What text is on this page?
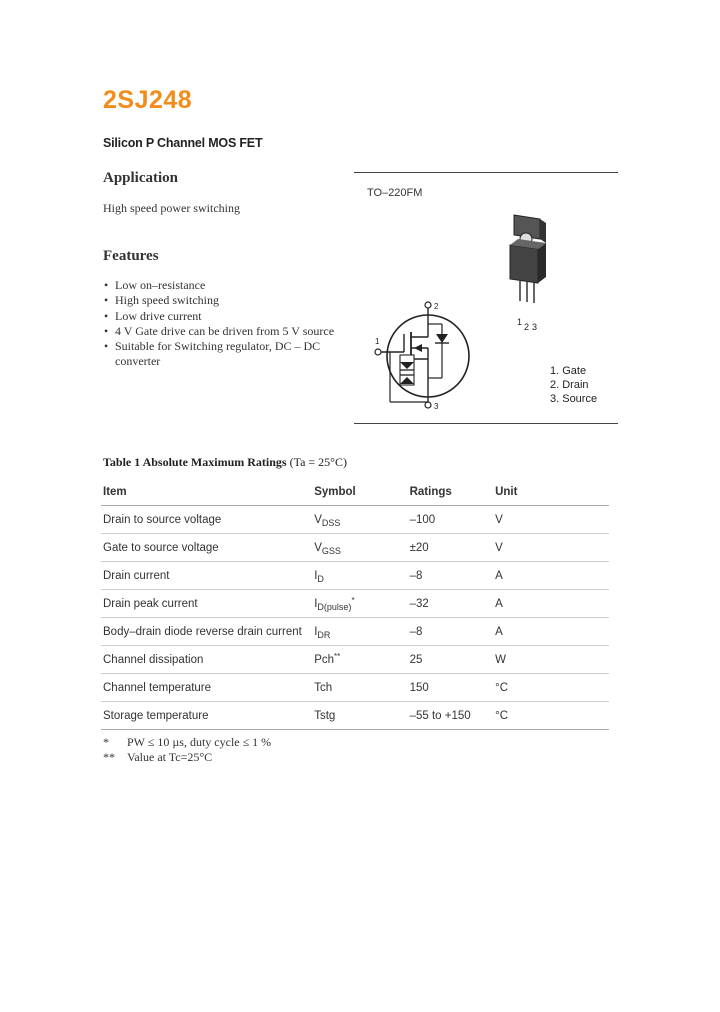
2SJ248
Silicon P Channel MOS FET
Application
High speed power switching
Features
• Low on–resistance
• High speed switching
• Low drive current
• 4 V Gate drive can be driven from 5 V source
• Suitable for Switching regulator, DC – DC converter
TO–220FM
2
1
3
1 2 3
1. Gate
2. Drain
3. Source
Table 1 Absolute Maximum Ratings (Ta = 25°C)
Item	Symbol	Ratings	Unit
Drain to source voltage	$V_{DSS}$	–100	V
Gate to source voltage	$V_{GSS}$	±20	V
Drain current	$I_D$	–8	A
Drain peak current	$I_{D(pulse)}^*$	–32	A
Body–drain diode reverse drain current	$I_{DR}$	–8	A
Channel dissipation	Pch**	25	W
Channel temperature	Tch	150	°C
Storage temperature	Tstg	–55 to +150	°C
* PW ≤ 10 µs, duty cycle ≤ 1 %
** Value at Tc=25°C
